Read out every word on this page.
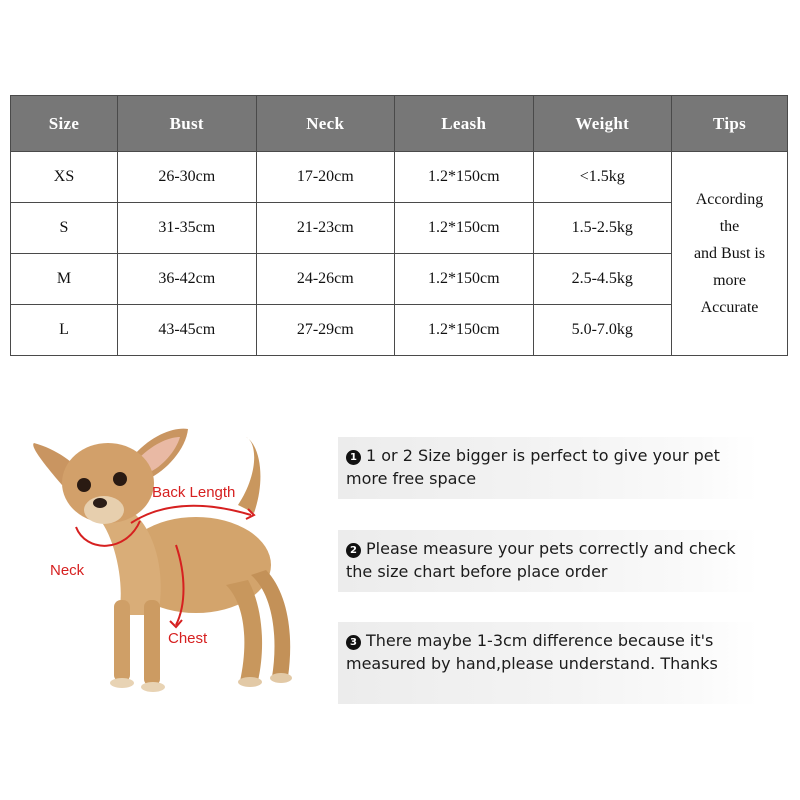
Size	Bust	Neck	Leash	Weight	Tips
XS	26-30cm	17-20cm	1.2*150cm	<1.5kg	According
the
and Bust is
more
Accurate

S	31-35cm	21-23cm	1.2*150cm	1.5-2.5kg	
M	36-42cm	24-26cm	1.2*150cm	2.5-4.5kg	
L	43-45cm	27-29cm	1.2*150cm	5.0-7.0kg	
Back Length
Neck
Chest
1 1 or 2 Size bigger is perfect to give your pet more free space
2 Please measure your pets correctly and check the size chart before place order
3 There maybe 1-3cm difference because it's measured by hand,please understand. Thanks
